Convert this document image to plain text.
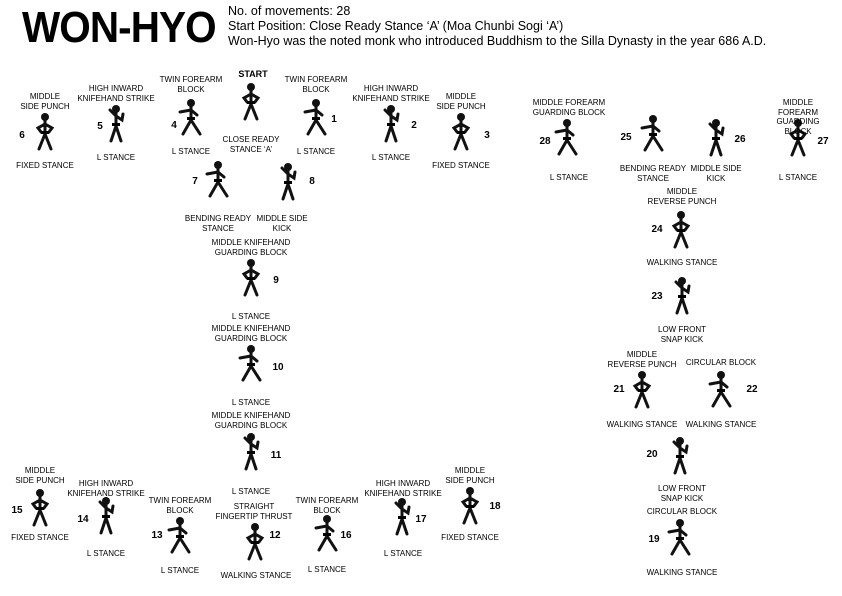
WON-HYO No. of movements: 28
Start Position: Close Ready Stance ‘A’ (Moa Chunbi Sogi ‘A’)
Won-Hyo was the noted monk who introduced Buddhism to the Silla Dynasty in the year 686 A.D.
START
CLOSE READY
STANCE ‘A’
1
TWIN FOREARM
BLOCK
L STANCE
2
HIGH INWARD
KNIFEHAND STRIKE
L STANCE
3
MIDDLE
SIDE PUNCH
FIXED STANCE
4
TWIN FOREARM
BLOCK
L STANCE
5
HIGH INWARD
KNIFEHAND STRIKE
L STANCE
6
MIDDLE
SIDE PUNCH
FIXED STANCE
7
BENDING READY
STANCE
8
MIDDLE SIDE
KICK
9
MIDDLE KNIFEHAND
GUARDING BLOCK
L STANCE
10
MIDDLE KNIFEHAND
GUARDING BLOCK
L STANCE
11
MIDDLE KNIFEHAND
GUARDING BLOCK
L STANCE
12
STRAIGHT
FINGERTIP THRUST
WALKING STANCE
13
TWIN FOREARM
BLOCK
L STANCE
14
HIGH INWARD
KNIFEHAND STRIKE
L STANCE
15
MIDDLE
SIDE PUNCH
FIXED STANCE	16
TWIN FOREARM
BLOCK
L STANCE
17
HIGH INWARD
KNIFEHAND STRIKE
L STANCE
18
MIDDLE
SIDE PUNCH
FIXED STANCE	19
CIRCULAR BLOCK
WALKING STANCE
20
LOW FRONT
SNAP KICK
21
MIDDLE
REVERSE PUNCH
WALKING STANCE
22
CIRCULAR BLOCK
WALKING STANCE
23
LOW FRONT
SNAP KICK
24
MIDDLE
REVERSE PUNCH
WALKING STANCE
25
BENDING READY
STANCE
26
MIDDLE SIDE
KICK
27
MIDDLE FOREARM
GUARDING BLOCK
L STANCE
28
MIDDLE FOREARM
GUARDING BLOCK
L STANCE
